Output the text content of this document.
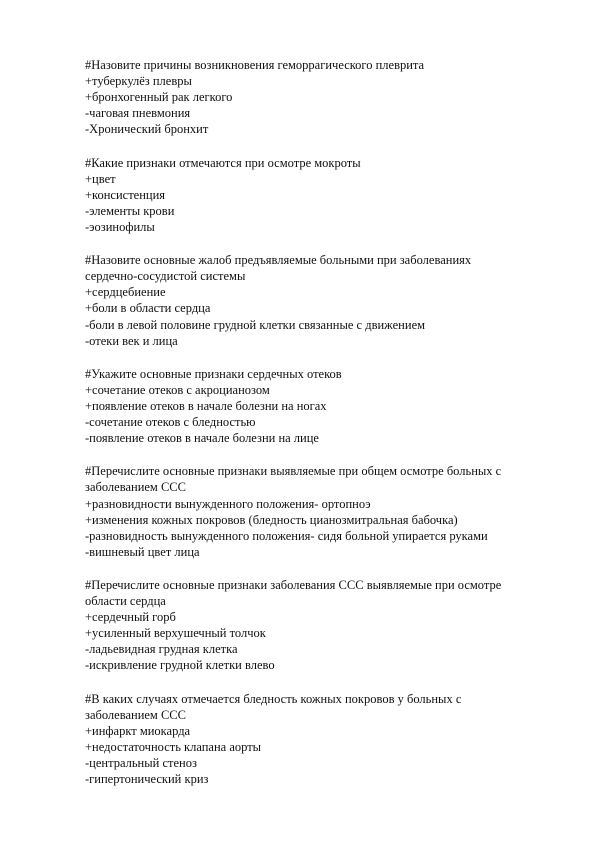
#Назовите причины возникновения геморрагического плеврита
+туберкулёз плевры
+бронхогенный рак легкого
-чаговая пневмония
-Хронический бронхит
#Какие признаки отмечаются при осмотре мокроты
+цвет
+консистенция
-элементы крови
-эозинофилы
#Назовите основные жалоб предъявляемые больными при заболеваниях
сердечно-сосудистой системы
+сердцебиение
+боли в области сердца
-боли в левой половине грудной клетки связанные с движением
-отеки век и лица
#Укажите основные признаки сердечных отеков
+сочетание отеков с акроцианозом
+появление отеков в начале болезни на ногах
-сочетание отеков с бледностью
-появление отеков в начале болезни на лице
#Перечислите основные признаки выявляемые при общем осмотре больных с
заболеванием ССС
+разновидности вынужденного положения- ортопноэ
+изменения кожных покровов (бледность цианозмитральная бабочка)
-разновидность вынужденного положения- сидя больной упирается руками
-вишневый цвет лица
#Перечислите основные признаки заболевания ССС выявляемые при осмотре
области сердца
+сердечный горб
+усиленный верхушечный толчок
-ладьевидная грудная клетка
-искривление грудной клетки влево
#В каких случаях отмечается бледность кожных покровов у больных с
заболеванием ССС
+инфаркт миокарда
+недостаточность клапана аорты
-центральный стеноз
-гипертонический криз
